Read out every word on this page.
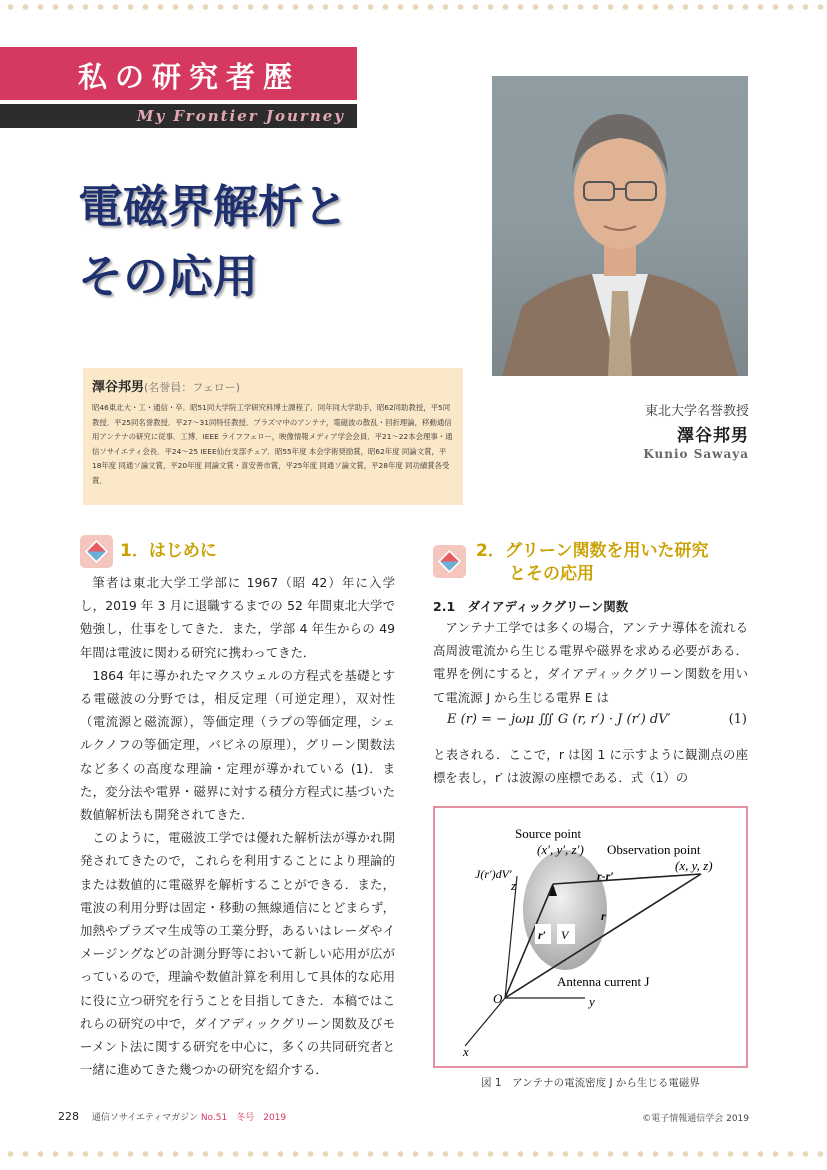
私の研究者歴
My Frontier Journey
電磁界解析と
その応用
東北大学名誉教授
澤谷邦男
Kunio Sawaya
澤谷邦男(名誉員：フェロー)
昭46東北大・工・通信・卒．昭51同大学院工学研究科博士課程了．同年同大学助手，昭62同助教授，平5同教授．平25同名誉教授．平27～31同特任教授．プラズマ中のアンテナ，電磁波の散乱・回折理論，移動通信用アンテナの研究に従事．工博．IEEE ライフフェロー，映像情報メディア学会会員．平21～22本会理事・通信ソサイエティ会長．平24～25 IEEE仙台支部チェア．昭55年度 本会学術奨励賞，昭62年度 同論文賞，平18年度 同通ソ論文賞，平20年度 同論文賞・喜安善市賞，平25年度 同通ソ論文賞，平28年度 同功績賞各受賞．
1．はじめに

筆者は東北大学工学部に 1967（昭 42）年に入学し，2019 年 3 月に退職するまでの 52 年間東北大学で勉強し，仕事をしてきた．また，学部 4 年生からの 49 年間は電波に関わる研究に携わってきた．

1864 年に導かれたマクスウェルの方程式を基礎とする電磁波の分野では，相反定理（可逆定理），双対性（電流源と磁流源），等価定理（ラブの等価定理，シェルクノフの等価定理，バビネの原理），グリーン関数法など多くの高度な理論・定理が導かれている (1)．また，変分法や電界・磁界に対する積分方程式に基づいた数値解析法も開発されてきた．

このように，電磁波工学では優れた解析法が導かれ開発されてきたので，これらを利用することにより理論的または数値的に電磁界を解析することができる．また，電波の利用分野は固定・移動の無線通信にとどまらず，加熱やプラズマ生成等の工業分野，あるいはレーダやイメージングなどの計測分野等において新しい応用が広がっているので，理論や数値計算を利用して具体的な応用に役に立つ研究を行うことを目指してきた．本稿ではこれらの研究の中で，ダイアディックグリーン関数及びモーメント法に関する研究を中心に，多くの共同研究者と一緒に進めてきた幾つかの研究を紹介する．

2．グリーン関数を用いた研究
とその応用
2.1　ダイアディックグリーン関数

アンテナ工学では多くの場合，アンテナ導体を流れる高周波電流から生じる電界や磁界を求める必要がある．電界を例にすると，ダイアディックグリーン関数を用いて電流源 J から生じる電界 E は

E (r) = − jωμ ∭ G (r, r′) · J (r′) dV′	(1)

と表される．ここで，r は図 1 に示すように観測点の座標を表し，r′ は波源の座標である．式（1）の

Source point
(x′, y′, z′) Observation point
(x, y, z)
J(r′)dV′	r-r′
r
r′ V
Antenna current J
O
z
y
x
図 1　アンテナの電流密度 J から生じる電磁界
228 通信ソサイエティマガジン No.51　冬号　2019	©電子情報通信学会 2019
